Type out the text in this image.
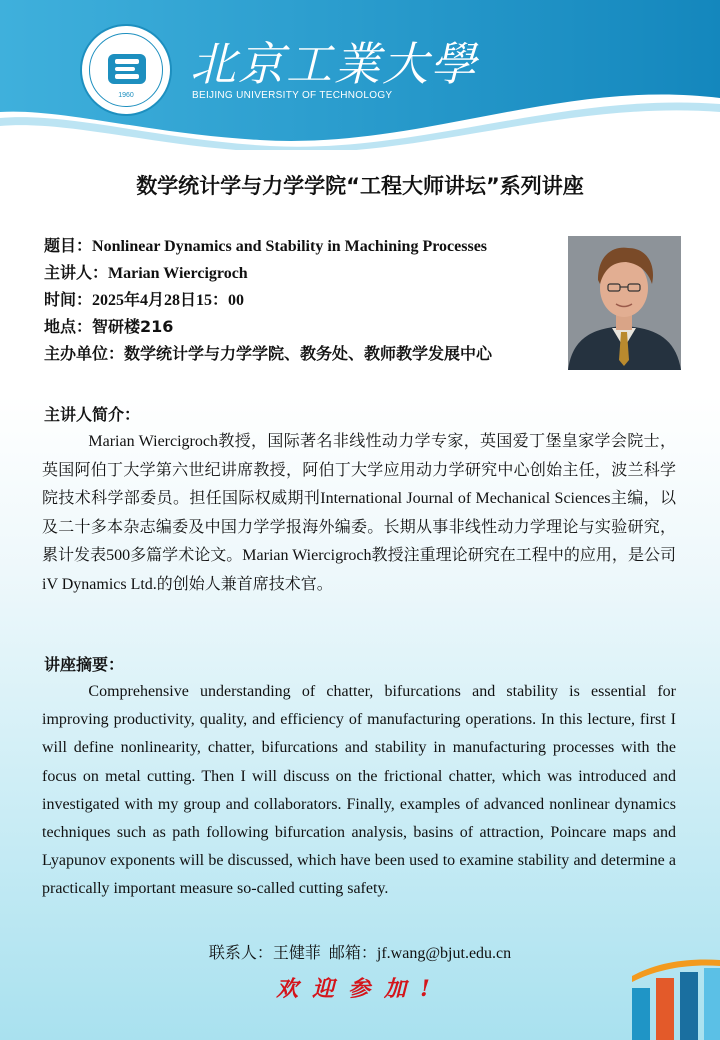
1960
北京工業大學
BEIJING UNIVERSITY OF TECHNOLOGY
数学统计学与力学学院“工程大师讲坛”系列讲座
题目：Nonlinear Dynamics and Stability in Machining Processes
主讲人：Marian Wiercigroch
时间：2025年4月28日15：00
地点：智研楼216
主办单位：数学统计学与力学学院、教务处、教师教学发展中心
主讲人简介：

Marian Wiercigroch教授，国际著名非线性动力学专家，英国爱丁堡皇家学会院士，英国阿伯丁大学第六世纪讲席教授，阿伯丁大学应用动力学研究中心创始主任，波兰科学院技术科学部委员。担任国际权威期刊International Journal of Mechanical Sciences主编，以及二十多本杂志编委及中国力学学报海外编委。长期从事非线性动力学理论与实验研究，累计发表500多篇学术论文。Marian Wiercigroch教授注重理论研究在工程中的应用，是公司iV Dynamics Ltd.的创始人兼首席技术官。

讲座摘要：

Comprehensive understanding of chatter, bifurcations and stability is essential for improving productivity, quality, and efficiency of manufacturing operations. In this lecture, first I will define nonlinearity, chatter, bifurcations and stability in manufacturing processes with the focus on metal cutting. Then I will discuss on the frictional chatter, which was introduced and investigated with my group and collaborators. Finally, examples of advanced nonlinear dynamics techniques such as path following bifurcation analysis, basins of attraction, Poincare maps and Lyapunov exponents will be discussed, which have been used to examine stability and determine a practically important measure so-called cutting safety.

联系人：王健菲 邮箱：jf.wang@bjut.edu.cn
欢迎参加!
